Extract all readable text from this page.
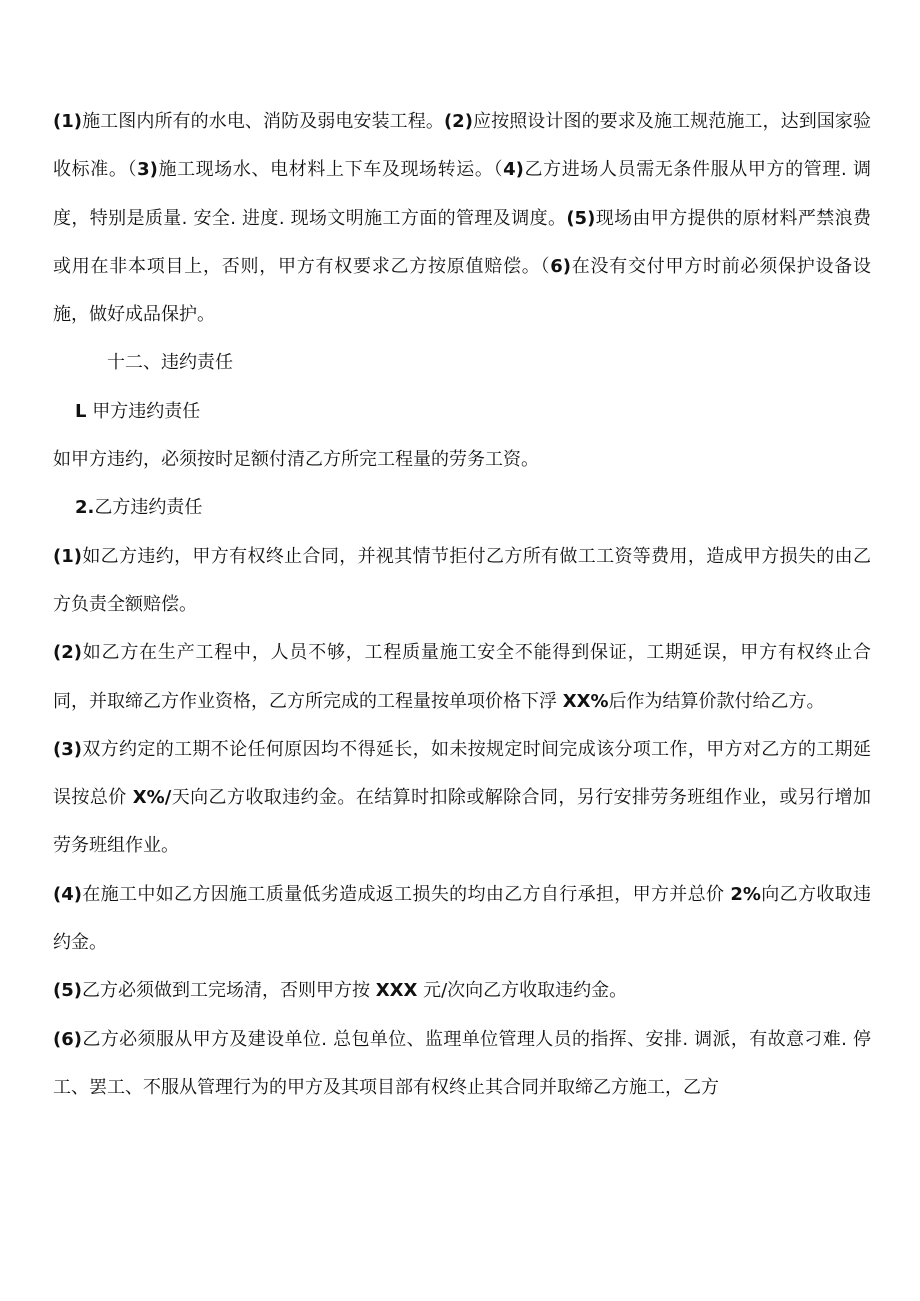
(1)施工图内所有的水电、消防及弱电安装工程。(2)应按照设计图的要求及施工规范施工，达到国家验收标准。（3)施工现场水、电材料上下车及现场转运。（4)乙方进场人员需无条件服从甲方的管理. 调度，特别是质量. 安全. 进度. 现场文明施工方面的管理及调度。(5)现场由甲方提供的原材料严禁浪费或用在非本项目上，否则，甲方有权要求乙方按原值赔偿。（6)在没有交付甲方时前必须保护设备设施，做好成品保护。

十二、违约责任

L 甲方违约责任

如甲方违约，必须按时足额付清乙方所完工程量的劳务工资。

2.乙方违约责任

(1)如乙方违约，甲方有权终止合同，并视其情节拒付乙方所有做工工资等费用，造成甲方损失的由乙方负责全额赔偿。

(2)如乙方在生产工程中，人员不够，工程质量施工安全不能得到保证，工期延误，甲方有权终止合同，并取缔乙方作业资格，乙方所完成的工程量按单项价格下浮 XX%后作为结算价款付给乙方。

(3)双方约定的工期不论任何原因均不得延长，如未按规定时间完成该分项工作，甲方对乙方的工期延误按总价 X%/天向乙方收取违约金。在结算时扣除或解除合同，另行安排劳务班组作业，或另行增加劳务班组作业。

(4)在施工中如乙方因施工质量低劣造成返工损失的均由乙方自行承担，甲方并总价 2%向乙方收取违约金。

(5)乙方必须做到工完场清，否则甲方按 XXX 元/次向乙方收取违约金。

(6)乙方必须服从甲方及建设单位. 总包单位、监理单位管理人员的指挥、安排. 调派，有故意刁难. 停工、罢工、不服从管理行为的甲方及其项目部有权终止其合同并取缔乙方施工，乙方
